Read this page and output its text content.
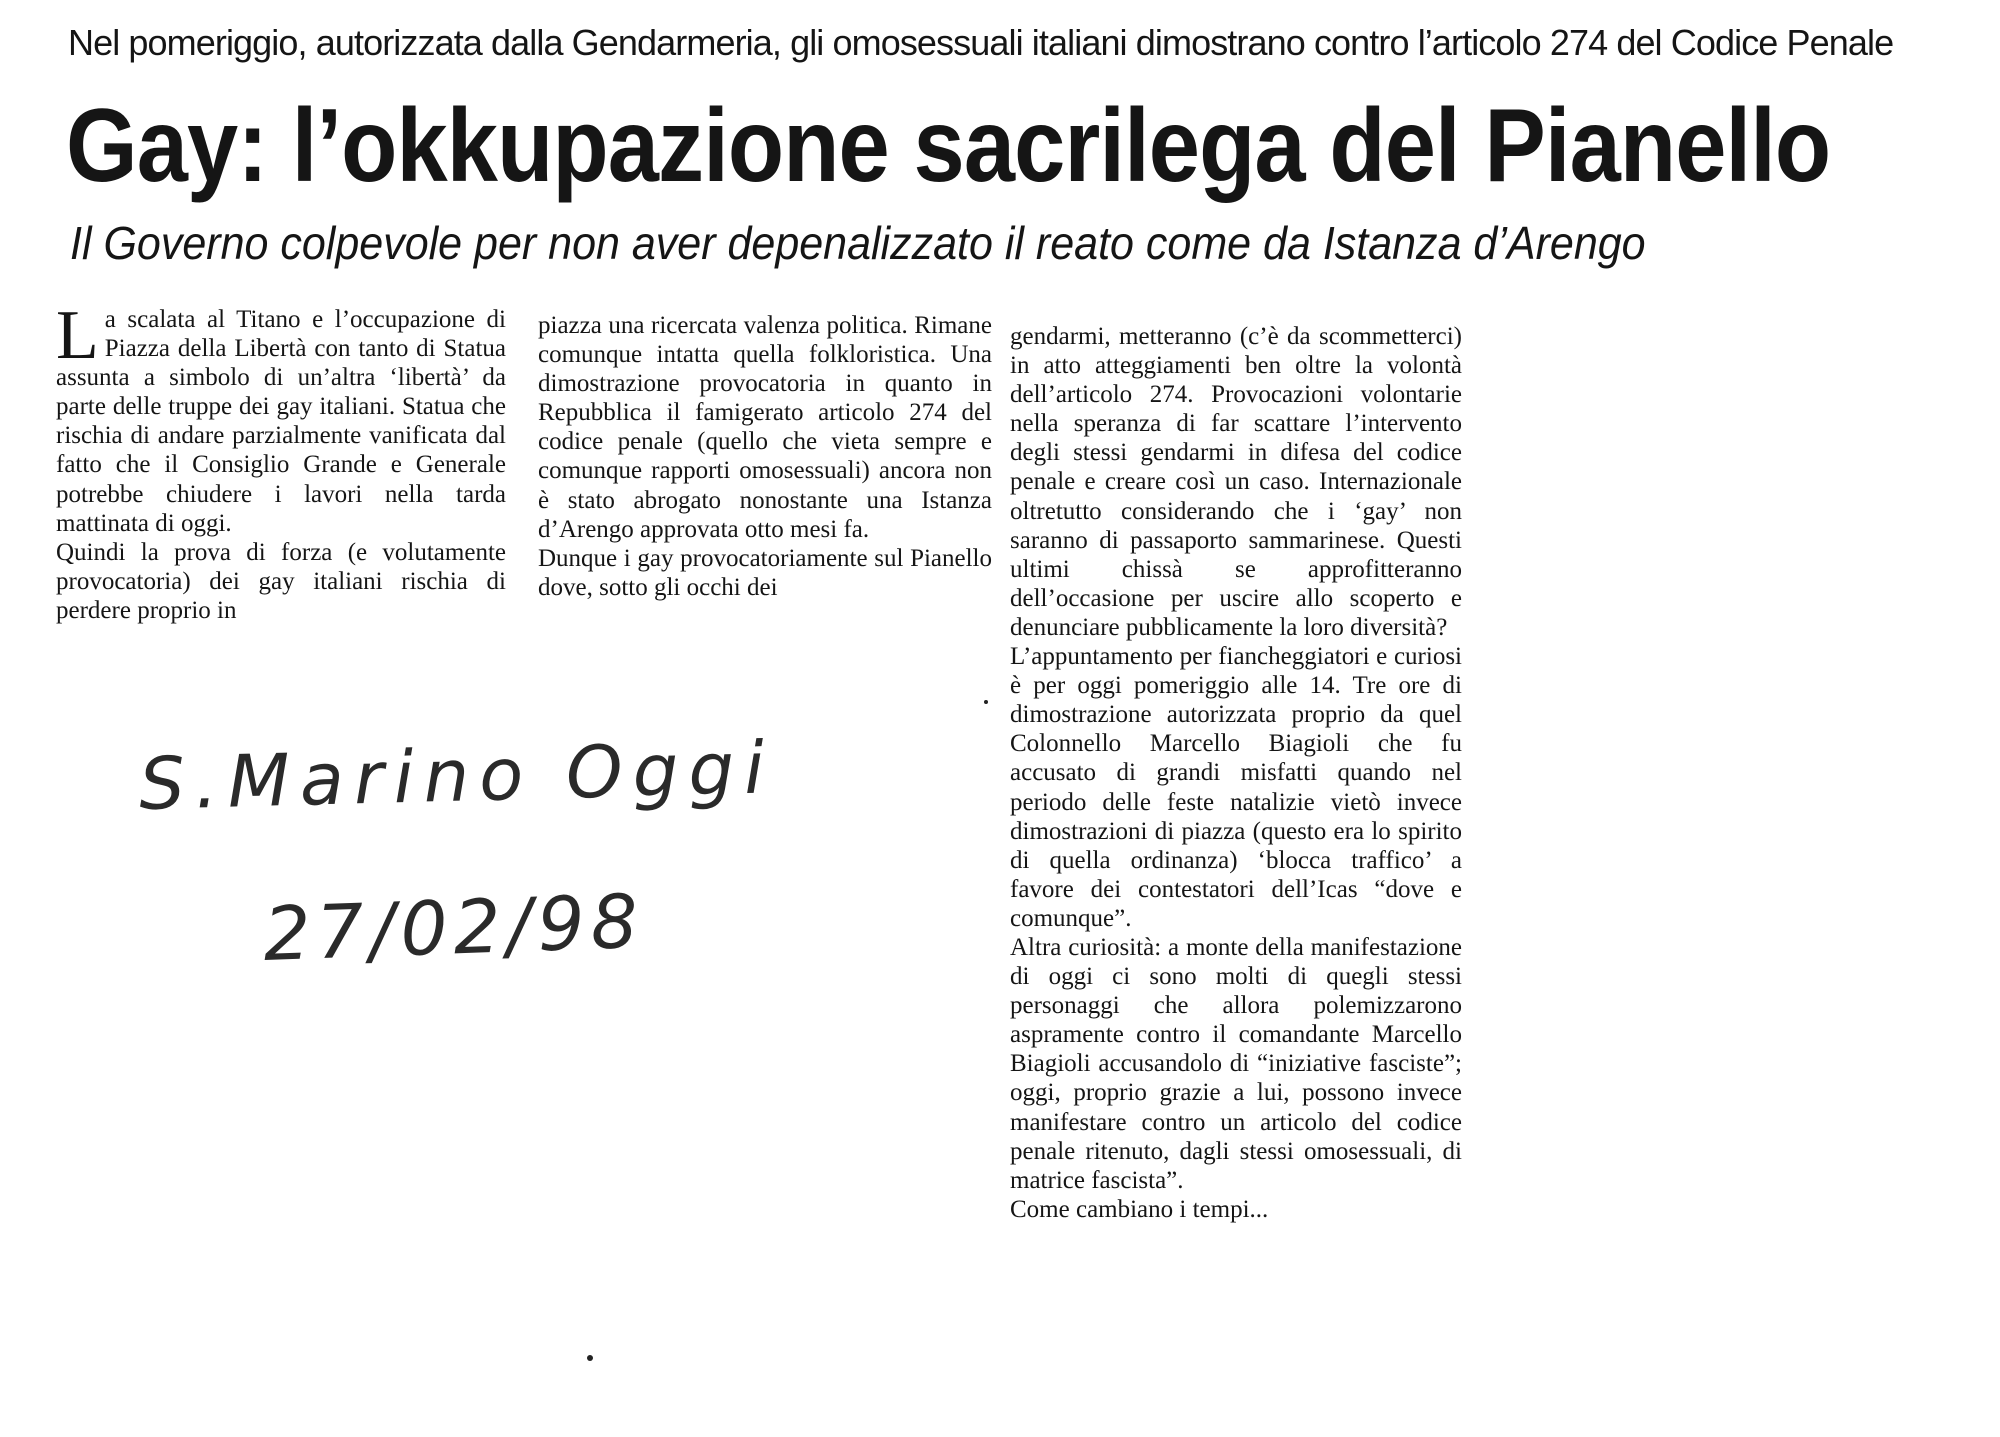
Nel pomeriggio, autorizzata dalla Gendarmeria, gli omosessuali italiani dimostrano contro l’articolo 274 del Codice Penale
Gay: l’okkupazione sacrilega del Pianello
Il Governo colpevole per non aver depenalizzato il reato come da Istanza d’Arengo

La scalata al Titano e l’occupazione di Piazza della Libertà con tanto di Statua assunta a simbolo di un’altra ‘libertà’ da parte delle truppe dei gay italiani. Statua che rischia di andare parzialmente vanificata dal fatto che il Consiglio Grande e Generale potrebbe chiudere i lavori nella tarda mattinata di oggi.

Quindi la prova di forza (e volutamente provocatoria) dei gay italiani rischia di perdere proprio in

piazza una ricercata valenza politica. Rimane comunque intatta quella folkloristica. Una dimostrazione provocatoria in quanto in Repubblica il famigerato articolo 274 del codice penale (quello che vieta sempre e comunque rapporti omosessuali) ancora non è stato abrogato nonostante una Istanza d’Arengo approvata otto mesi fa.

Dunque i gay provocatoriamente sul Pianello dove, sotto gli occhi dei

gendarmi, metteranno (c’è da scommetterci) in atto atteggiamenti ben oltre la volontà dell’articolo 274. Provocazioni volontarie nella speranza di far scattare l’intervento degli stessi gendarmi in difesa del codice penale e creare così un caso. Internazionale oltretutto considerando che i ‘gay’ non saranno di passaporto sammarinese. Questi ultimi chissà se approfitteranno dell’occasione per uscire allo scoperto e denunciare pubblicamente la loro diversità?

L’appuntamento per fiancheggiatori e curiosi è per oggi pomeriggio alle 14. Tre ore di dimostrazione autorizzata proprio da quel Colonnello Marcello Biagioli che fu accusato di grandi misfatti quando nel periodo delle feste natalizie vietò invece dimostrazioni di piazza (questo era lo spirito di quella ordinanza) ‘blocca traffico’ a favore dei contestatori dell’Icas “dove e comunque”.

Altra curiosità: a monte della manifestazione di oggi ci sono molti di quegli stessi personaggi che allora polemizzarono aspramente contro il comandante Marcello Biagioli accusandolo di “iniziative fasciste”; oggi, proprio grazie a lui, possono invece manifestare contro un articolo del codice penale ritenuto, dagli stessi omosessuali, di matrice fascista”.

Come cambiano i tempi...

S.Marino Oggi
27/02/98
